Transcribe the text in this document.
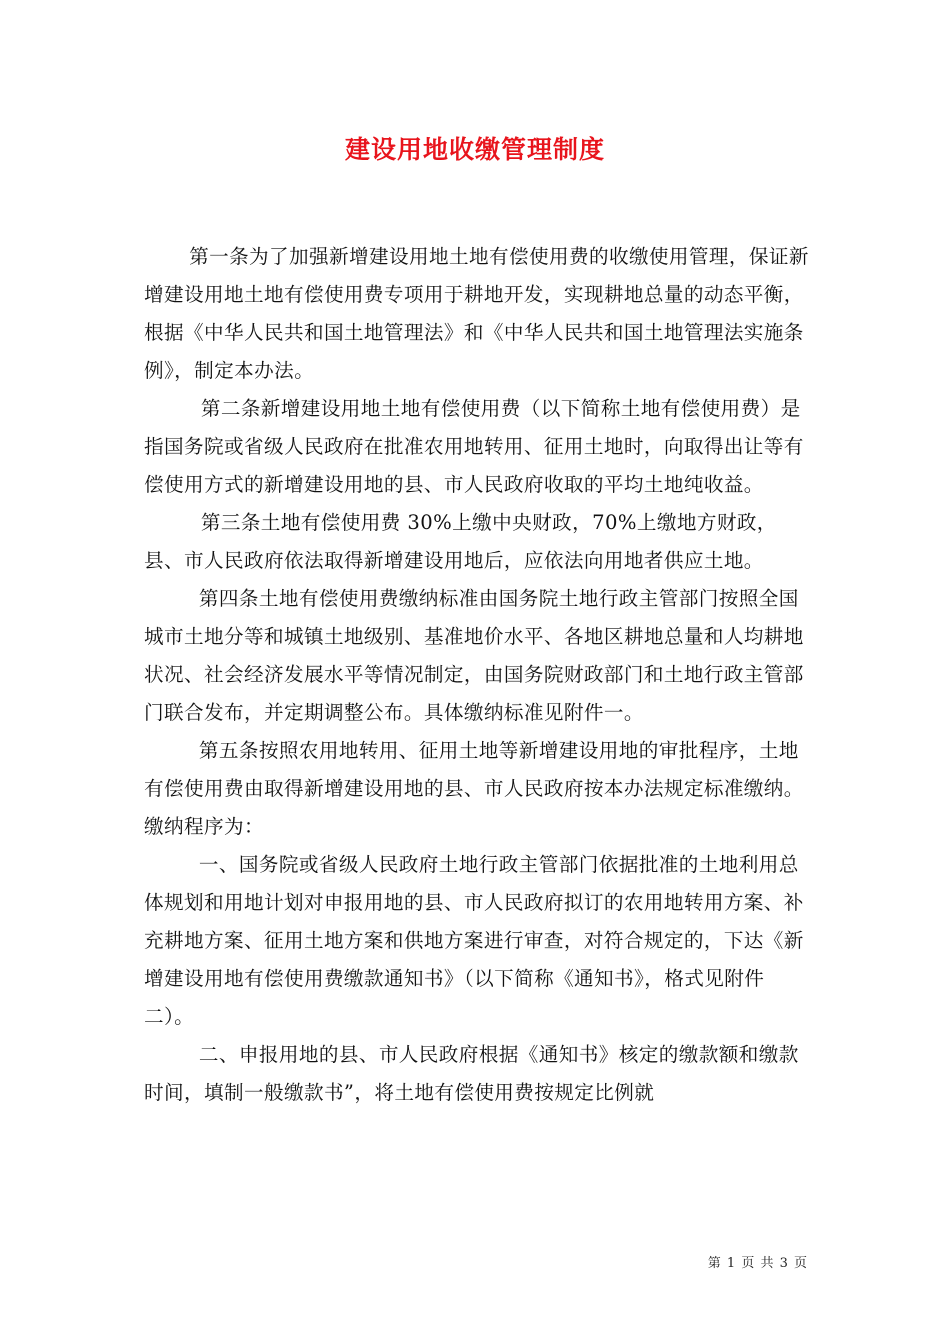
建设用地收缴管理制度

第一条为了加强新增建设用地土地有偿使用费的收缴使用管理，保证新增建设用地土地有偿使用费专项用于耕地开发，实现耕地总量的动态平衡，根据《中华人民共和国土地管理法》和《中华人民共和国土地管理法实施条例》，制定本办法。

第二条新增建设用地土地有偿使用费（以下简称土地有偿使用费）是指国务院或省级人民政府在批准农用地转用、征用土地时，向取得出让等有偿使用方式的新增建设用地的县、市人民政府收取的平均土地纯收益。

第三条土地有偿使用费 30%上缴中央财政，70%上缴地方财政，县、市人民政府依法取得新增建设用地后，应依法向用地者供应土地。

第四条土地有偿使用费缴纳标准由国务院土地行政主管部门按照全国城市土地分等和城镇土地级别、基准地价水平、各地区耕地总量和人均耕地状况、社会经济发展水平等情况制定，由国务院财政部门和土地行政主管部门联合发布，并定期调整公布。具体缴纳标准见附件一。

第五条按照农用地转用、征用土地等新增建设用地的审批程序，土地有偿使用费由取得新增建设用地的县、市人民政府按本办法规定标准缴纳。缴纳程序为：

一、国务院或省级人民政府土地行政主管部门依据批准的土地利用总体规划和用地计划对申报用地的县、市人民政府拟订的农用地转用方案、补充耕地方案、征用土地方案和供地方案进行审查，对符合规定的，下达《新增建设用地有偿使用费缴款通知书》（以下简称《通知书》，格式见附件二）。

二、申报用地的县、市人民政府根据《通知书》核定的缴款额和缴款时间，填制一般缴款书”，将土地有偿使用费按规定比例就

第 1 页 共 3 页
